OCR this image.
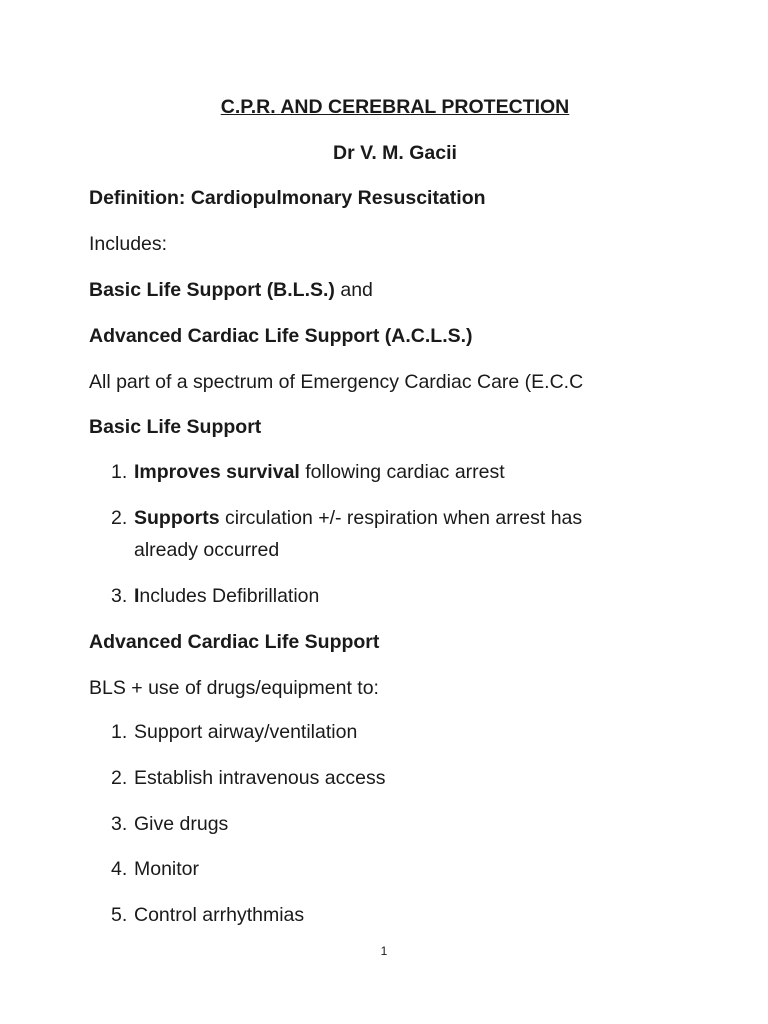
C.P.R. AND CEREBRAL PROTECTION
Dr V. M. Gacii
Definition: Cardiopulmonary Resuscitation
Includes:
Basic Life Support (B.L.S.) and
Advanced Cardiac Life Support (A.C.L.S.)
All part of a spectrum of Emergency Cardiac Care (E.C.C
Basic Life Support
1. Improves survival following cardiac arrest
2. Supports circulation +/- respiration when arrest has already occurred
3. Includes Defibrillation
Advanced Cardiac Life Support
BLS + use of drugs/equipment to:
1. Support airway/ventilation
2. Establish intravenous access
3. Give drugs
4. Monitor
5. Control arrhythmias
1
